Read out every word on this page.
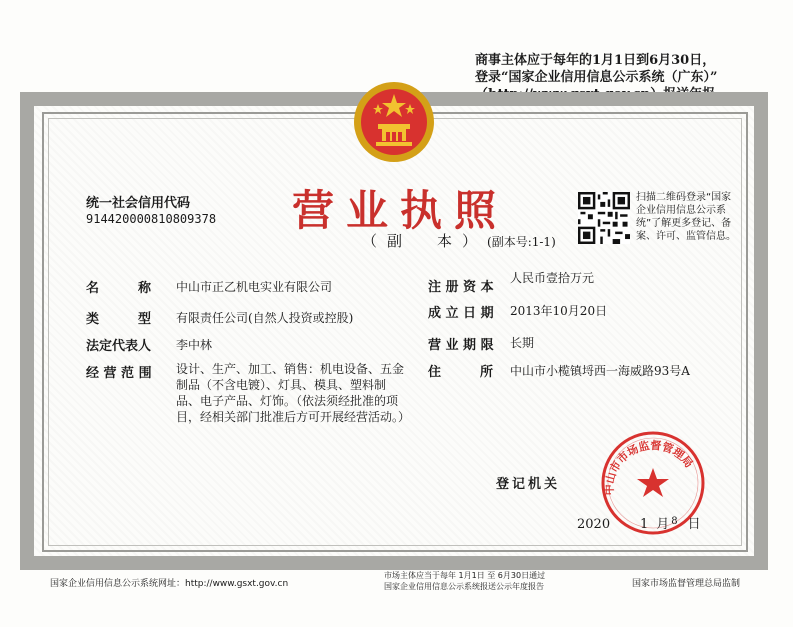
商事主体应于每年的1月1日到6月30日，
登录“国家企业信用信息公示系统（广东）”
统一社会信用代码
914420000810809378 营业执照
（副　本）(副本号:1-1)
扫描二维码登录“国家企业信用信息公示系统”了解更多登记、备案、许可、监管信息。
名　　　称 中山市正乙机电实业有限公司
类　　　型 有限责任公司(自然人投资或控股)
法定代表人 李中林
经 营 范 围 设计、生产、加工、销售：机电设备、五金制品（不含电镀）、灯具、模具、塑料制品、电子产品、灯饰。（依法须经批准的项目，经相关部门批准后方可开展经营活动。）
注 册 资 本
人民币壹拾万元
成 立 日 期 2013年10月20日
营 业 期 限 长期
住　　　所 中山市小榄镇埒西一海威路93号A
登记机关	中山市市场监督管理局
2020 1 月 8 日
国家企业信用信息公示系统网址：http://www.gsxt.gov.cn
市场主体应当于每年 1月1日 至 6月30日通过
国家企业信用信息公示系统报送公示年度报告	国家市场监督管理总局监制
